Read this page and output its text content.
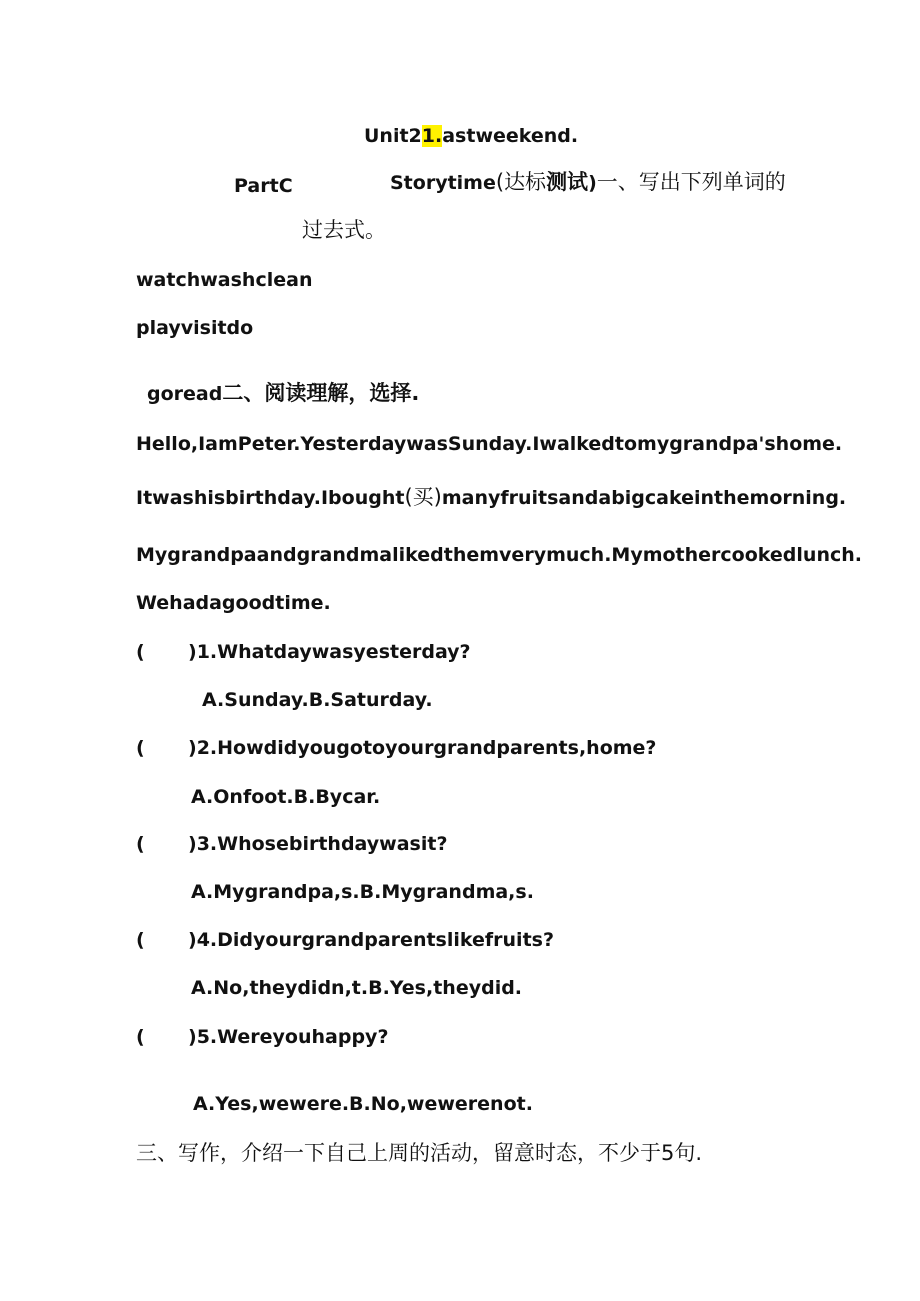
Unit21.astweekend.
PartC	Storytime(达标测试)一、写出下列单词的
过去式。
watchwashclean
playvisitdo
goread二、阅读理解，选择.
Hello,IamPeter.YesterdaywasSunday.Iwalkedtomygrandpa'shome.
Itwashisbirthday.Ibought(买)manyfruitsandabigcakeinthemorning.
Mygrandpaandgrandmalikedthemverymuch.Mymothercookedlunch.
Wehadagoodtime.
( )1.Whatdaywasyesterday?
A.Sunday.B.Saturday.
( )2.Howdidyougotoyourgrandparents,home?
A.Onfoot.B.Bycar.
( )3.Whosebirthdaywasit?
A.Mygrandpa,s.B.Mygrandma,s.
( )4.Didyourgrandparentslikefruits?
A.No,theydidn,t.B.Yes,theydid.
( )5.Wereyouhappy?
A.Yes,wewere.B.No,wewerenot.
三、写作，介绍一下自己上周的活动，留意时态，不少于5句.
